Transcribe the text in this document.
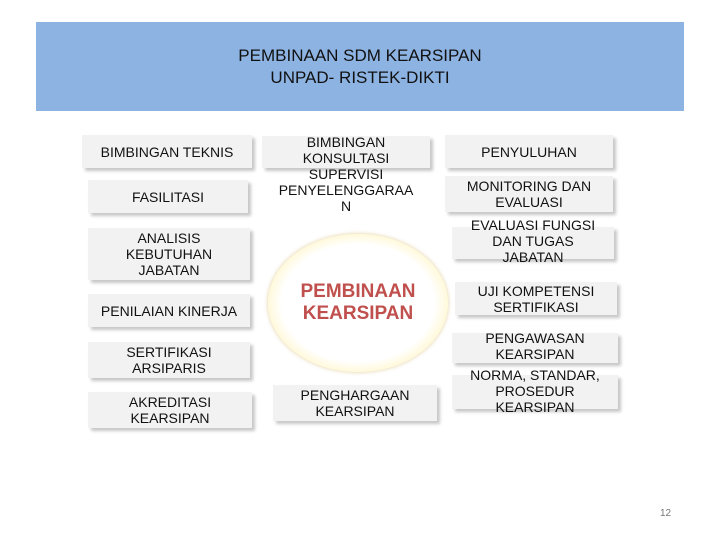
PEMBINAAN SDM KEARSIPAN
UNPAD- RISTEK-DIKTI
BIMBINGAN TEKNIS
FASILITASI
ANALISIS
KEBUTUHAN
JABATAN
PENILAIAN KINERJA
SERTIFIKASI
ARSIPARIS
AKREDITASI
KEARSIPAN
BIMBINGAN
KONSULTASI
SUPERVISI
PENYELENGGARAA
N
PEMBINAAN
KEARSIPAN
PENGHARGAAN
KEARSIPAN
PENYULUHAN
MONITORING DAN
EVALUASI
EVALUASI FUNGSI
DAN TUGAS
JABATAN
UJI KOMPETENSI
SERTIFIKASI
PENGAWASAN
KEARSIPAN
NORMA, STANDAR,
PROSEDUR
KEARSIPAN
12
